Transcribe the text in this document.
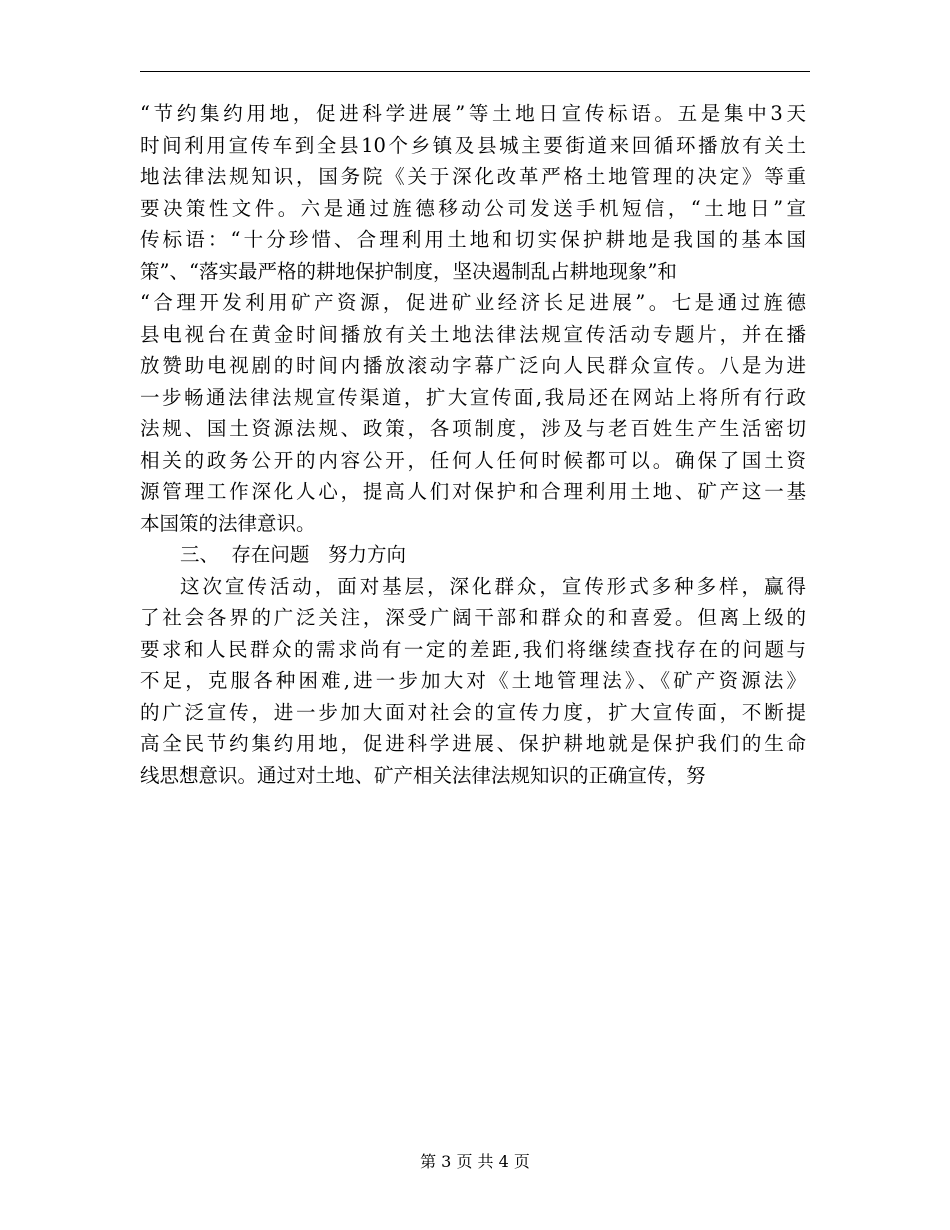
“节约集约用地，促进科学进展”等土地日宣传标语。五是集中3天
时间利用宣传车到全县10个乡镇及县城主要街道来回循环播放有关土
地法律法规知识，国务院《关于深化改革严格土地管理的决定》等重
要决策性文件。六是通过旌德移动公司发送手机短信，“土地日”宣
传标语：“十分珍惜、合理利用土地和切实保护耕地是我国的基本国
策”、“落实最严格的耕地保护制度，坚决遏制乱占耕地现象”和
“合理开发利用矿产资源，促进矿业经济长足进展”。七是通过旌德
县电视台在黄金时间播放有关土地法律法规宣传活动专题片，并在播
放赞助电视剧的时间内播放滚动字幕广泛向人民群众宣传。八是为进
一步畅通法律法规宣传渠道，扩大宣传面,我局还在网站上将所有行政
法规、国土资源法规、政策，各项制度，涉及与老百姓生产生活密切
相关的政务公开的内容公开，任何人任何时候都可以。确保了国土资
源管理工作深化人心，提高人们对保护和合理利用土地、矿产这一基
本国策的法律意识。
三、  存在问题   努力方向
这次宣传活动，面对基层，深化群众，宣传形式多种多样，赢得
了社会各界的广泛关注，深受广阔干部和群众的和喜爱。但离上级的
要求和人民群众的需求尚有一定的差距,我们将继续查找存在的问题与
不足，克服各种困难,进一步加大对《土地管理法》、《矿产资源法》
的广泛宣传，进一步加大面对社会的宣传力度，扩大宣传面，不断提
高全民节约集约用地，促进科学进展、保护耕地就是保护我们的生命
线思想意识。通过对土地、矿产相关法律法规知识的正确宣传，努
第 3 页 共 4 页
